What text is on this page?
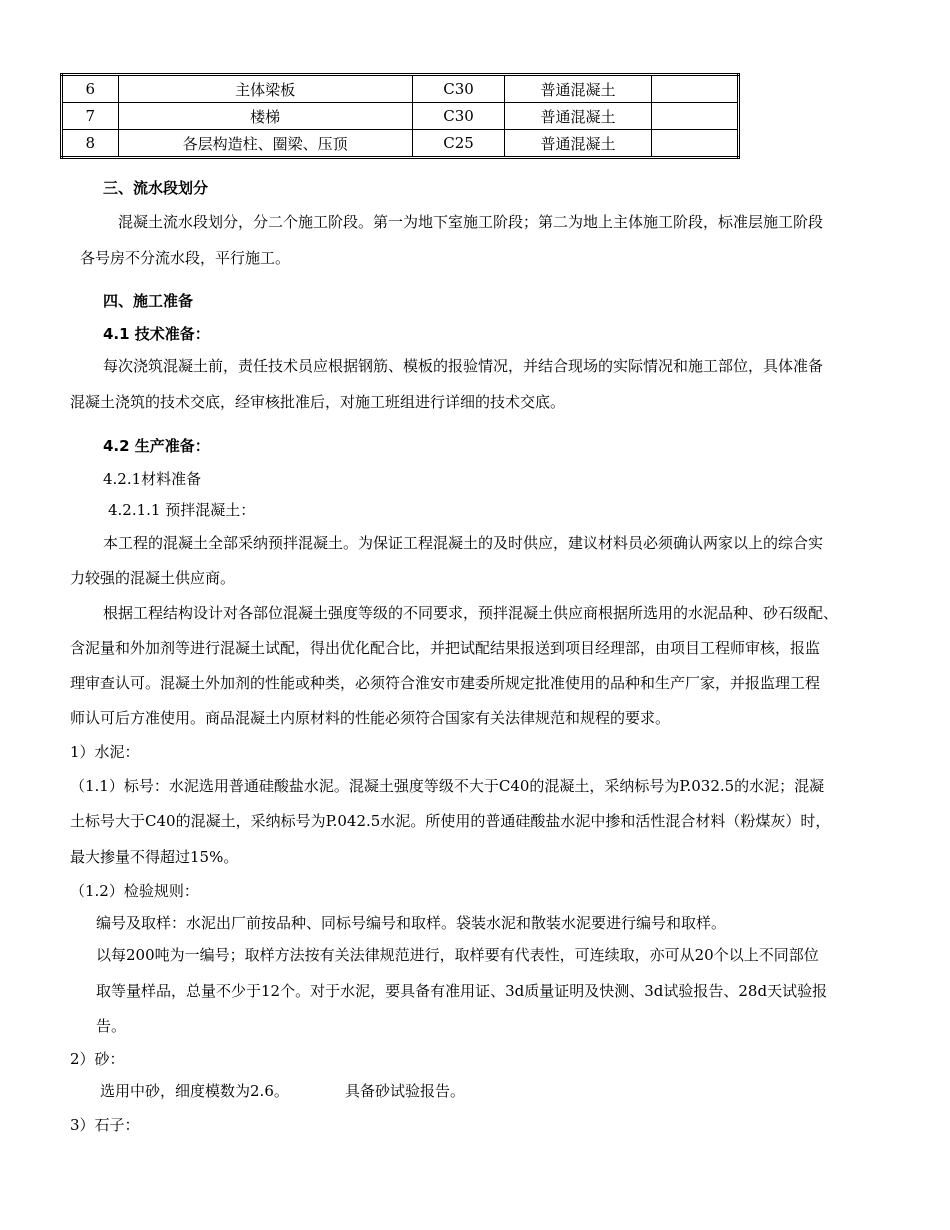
6	主体梁板	C30	普通混凝土	
7	楼梯	C30	普通混凝土	
8	各层构造柱、圈梁、压顶	C25	普通混凝土	
三、流水段划分
混凝土流水段划分，分二个施工阶段。第一为地下室施工阶段；第二为地上主体施工阶段，标准层施工阶段
各号房不分流水段，平行施工。
四、施工准备
4.1 技术准备：
每次浇筑混凝土前，责任技术员应根据钢筋、模板的报验情况，并结合现场的实际情况和施工部位，具体准备
混凝土浇筑的技术交底，经审核批准后，对施工班组进行详细的技术交底。
4.2 生产准备：
4.2.1材料准备
4.2.1.1 预拌混凝土：
本工程的混凝土全部采纳预拌混凝土。为保证工程混凝土的及时供应，建议材料员必须确认两家以上的综合实
力较强的混凝土供应商。
根据工程结构设计对各部位混凝土强度等级的不同要求，预拌混凝土供应商根据所选用的水泥品种、砂石级配、
含泥量和外加剂等进行混凝土试配，得出优化配合比，并把试配结果报送到项目经理部，由项目工程师审核，报监
理审查认可。混凝土外加剂的性能或种类，必须符合淮安市建委所规定批准使用的品种和生产厂家，并报监理工程
师认可后方准使用。商品混凝土内原材料的性能必须符合国家有关法律规范和规程的要求。
1）水泥：
（1.1）标号：水泥选用普通硅酸盐水泥。混凝土强度等级不大于C40的混凝土，采纳标号为P.032.5的水泥；混凝
土标号大于C40的混凝土，采纳标号为P.042.5水泥。所使用的普通硅酸盐水泥中掺和活性混合材料（粉煤灰）时，
最大掺量不得超过15%。
（1.2）检验规则：
编号及取样：水泥出厂前按品种、同标号编号和取样。袋装水泥和散装水泥要进行编号和取样。
以每200吨为一编号；取样方法按有关法律规范进行，取样要有代表性，可连续取，亦可从20个以上不同部位
取等量样品，总量不少于12个。对于水泥，要具备有准用证、3d质量证明及快测、3d试验报告、28d天试验报
告。
2）砂：
选用中砂，细度模数为2.6。	具备砂试验报告。
3）石子：
